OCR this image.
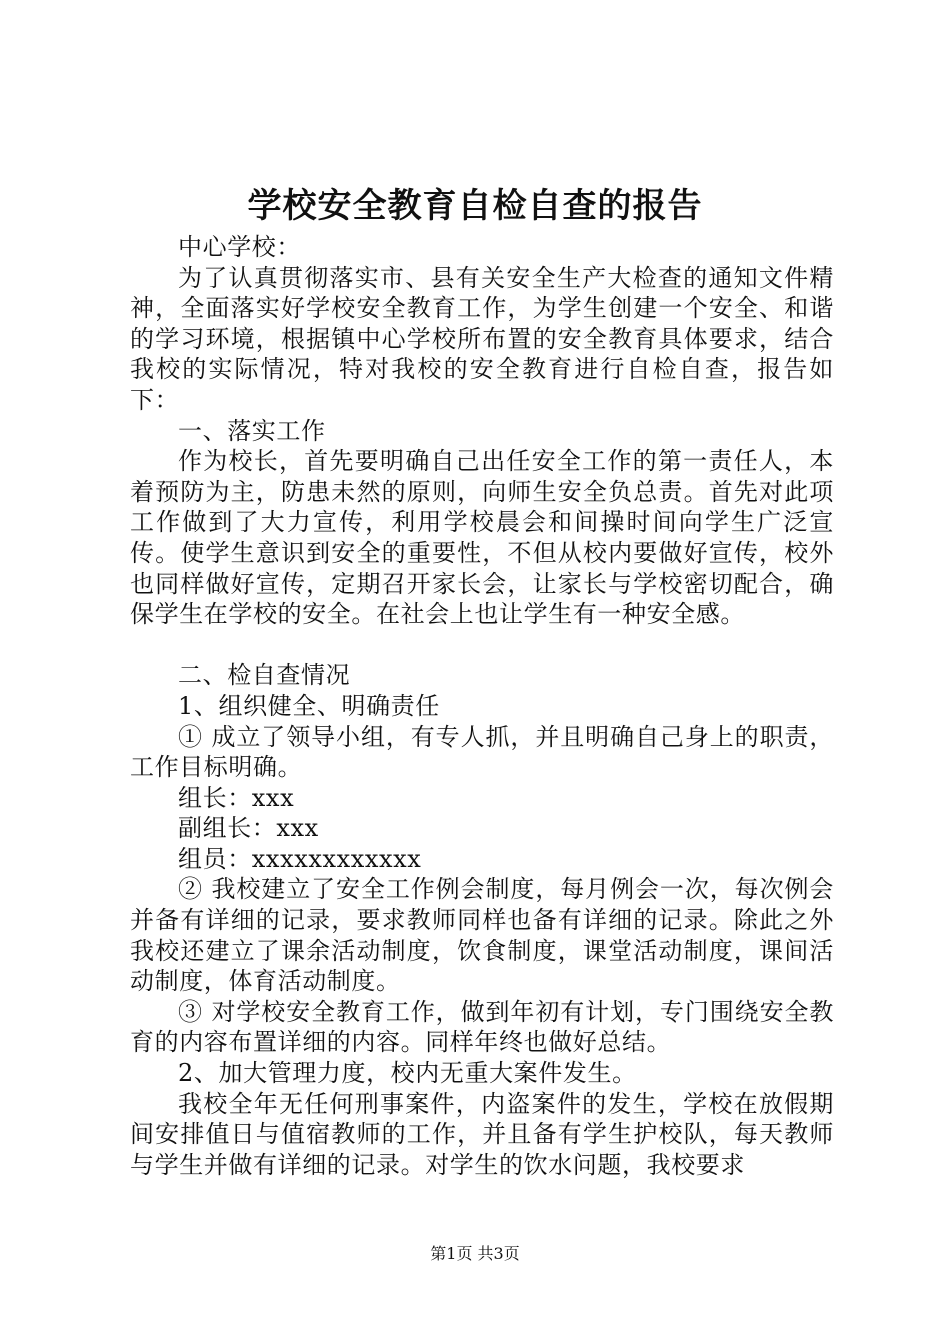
学校安全教育自检自查的报告

中心学校：

为了认真贯彻落实市、县有关安全生产大检查的通知文件精神，全面落实好学校安全教育工作，为学生创建一个安全、和谐的学习环境，根据镇中心学校所布置的安全教育具体要求，结合我校的实际情况，特对我校的安全教育进行自检自查，报告如下：

一、落实工作

作为校长，首先要明确自己出任安全工作的第一责任人，本着预防为主，防患未然的原则，向师生安全负总责。首先对此项工作做到了大力宣传，利用学校晨会和间操时间向学生广泛宣传。使学生意识到安全的重要性，不但从校内要做好宣传，校外也同样做好宣传，定期召开家长会，让家长与学校密切配合，确保学生在学校的安全。在社会上也让学生有一种安全感。

二、检自查情况

1、组织健全、明确责任

① 成立了领导小组，有专人抓，并且明确自己身上的职责，工作目标明确。

组长：xxx

副组长：xxx

组员：xxxxxxxxxxxx

② 我校建立了安全工作例会制度，每月例会一次，每次例会并备有详细的记录，要求教师同样也备有详细的记录。除此之外我校还建立了课余活动制度，饮食制度，课堂活动制度，课间活动制度，体育活动制度。

③ 对学校安全教育工作，做到年初有计划，专门围绕安全教育的内容布置详细的内容。同样年终也做好总结。

2、加大管理力度，校内无重大案件发生。

我校全年无任何刑事案件，内盗案件的发生，学校在放假期间安排值日与值宿教师的工作，并且备有学生护校队，每天教师与学生并做有详细的记录。对学生的饮水问题，我校要求

第1页 共3页
